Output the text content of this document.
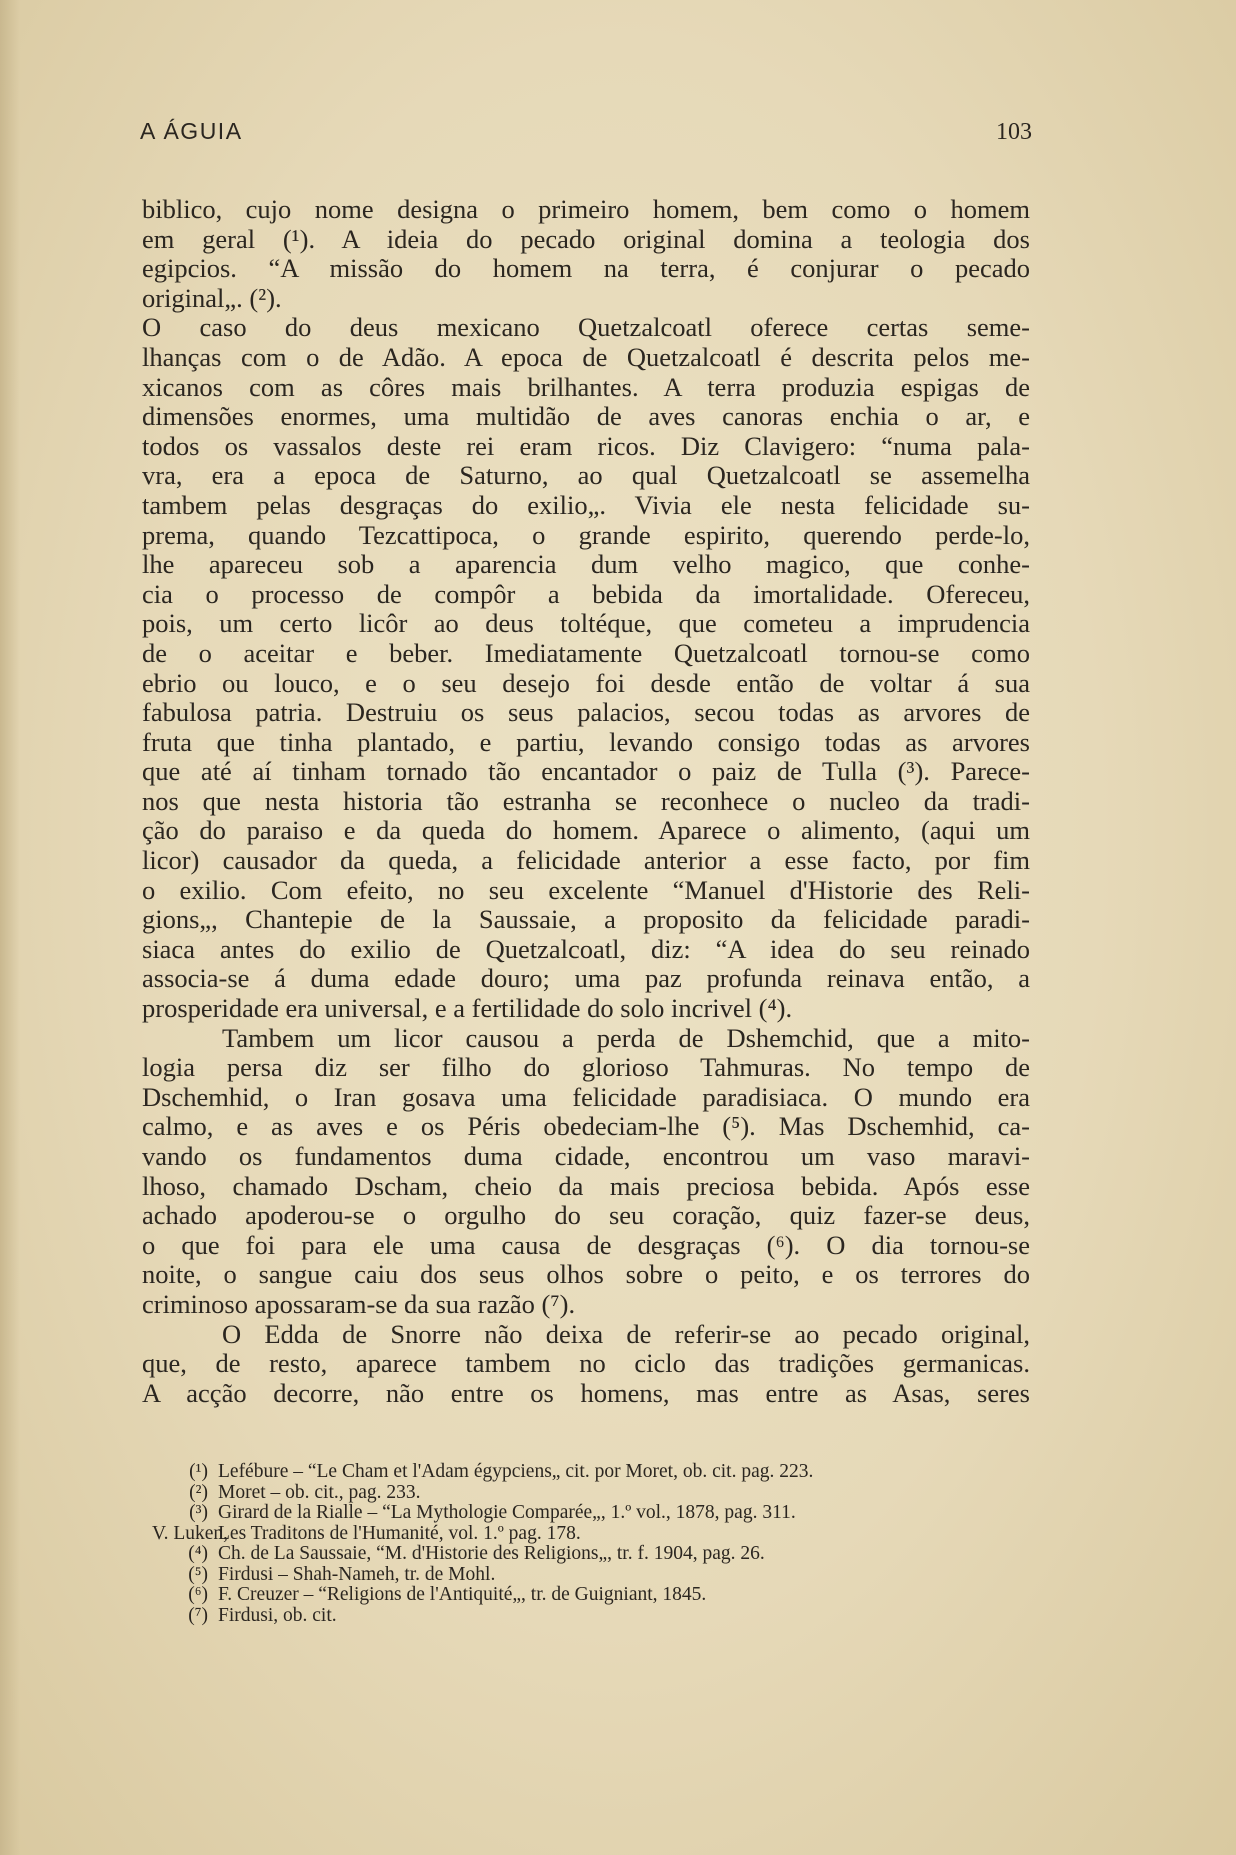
A ÁGUIA	103
biblico, cujo nome designa o primeiro homem, bem como o homem
em geral (¹). A ideia do pecado original domina a teologia dos
egipcios. “A missão do homem na terra, é conjurar o pecado
original„. (²).
O caso do deus mexicano Quetzalcoatl oferece certas seme-
lhanças com o de Adão. A epoca de Quetzalcoatl é descrita pelos me-
xicanos com as côres mais brilhantes. A terra produzia espigas de
dimensões enormes, uma multidão de aves canoras enchia o ar, e
todos os vassalos deste rei eram ricos. Diz Clavigero: “numa pala-
vra, era a epoca de Saturno, ao qual Quetzalcoatl se assemelha
tambem pelas desgraças do exilio„. Vivia ele nesta felicidade su-
prema, quando Tezcattipoca, o grande espirito, querendo perde-lo,
lhe apareceu sob a aparencia dum velho magico, que conhe-
cia o processo de compôr a bebida da imortalidade. Ofereceu,
pois, um certo licôr ao deus toltéque, que cometeu a imprudencia
de o aceitar e beber. Imediatamente Quetzalcoatl tornou-se como
ebrio ou louco, e o seu desejo foi desde então de voltar á sua
fabulosa patria. Destruiu os seus palacios, secou todas as arvores de
fruta que tinha plantado, e partiu, levando consigo todas as arvores
que até aí tinham tornado tão encantador o paiz de Tulla (³). Parece-
nos que nesta historia tão estranha se reconhece o nucleo da tradi-
ção do paraiso e da queda do homem. Aparece o alimento, (aqui um
licor) causador da queda, a felicidade anterior a esse facto, por fim
o exilio. Com efeito, no seu excelente “Manuel d'Historie des Reli-
gions„, Chantepie de la Saussaie, a proposito da felicidade paradi-
siaca antes do exilio de Quetzalcoatl, diz: “A idea do seu reinado
associa-se á duma edade douro; uma paz profunda reinava então, a
prosperidade era universal, e a fertilidade do solo incrivel (⁴).
Tambem um licor causou a perda de Dshemchid, que a mito-
logia persa diz ser filho do glorioso Tahmuras. No tempo de
Dschemhid, o Iran gosava uma felicidade paradisiaca. O mundo era
calmo, e as aves e os Péris obedeciam-lhe (⁵). Mas Dschemhid, ca-
vando os fundamentos duma cidade, encontrou um vaso maravi-
lhoso, chamado Dscham, cheio da mais preciosa bebida. Após esse
achado apoderou-se o orgulho do seu coração, quiz fazer-se deus,
o que foi para ele uma causa de desgraças (⁶). O dia tornou-se
noite, o sangue caiu dos seus olhos sobre o peito, e os terrores do
criminoso apossaram-se da sua razão (⁷).
O Edda de Snorre não deixa de referir-se ao pecado original,
que, de resto, aparece tambem no ciclo das tradições germanicas.
A acção decorre, não entre os homens, mas entre as Asas, seres
(¹) Lefébure – “Le Cham et l'Adam égypciens„ cit. por Moret, ob. cit. pag. 223.
(²) Moret – ob. cit., pag. 233.
(³) Girard de la Rialle – “La Mythologie Comparée„, 1.º vol., 1878, pag. 311.
V. Luken,Les Traditons de l'Humanité, vol. 1.º pag. 178.
(⁴) Ch. de La Saussaie, “M. d'Historie des Religions„, tr. f. 1904, pag. 26.
(⁵) Firdusi – Shah-Nameh, tr. de Mohl.
(⁶) F. Creuzer – “Religions de l'Antiquité„, tr. de Guigniant, 1845.
(⁷) Firdusi, ob. cit.
